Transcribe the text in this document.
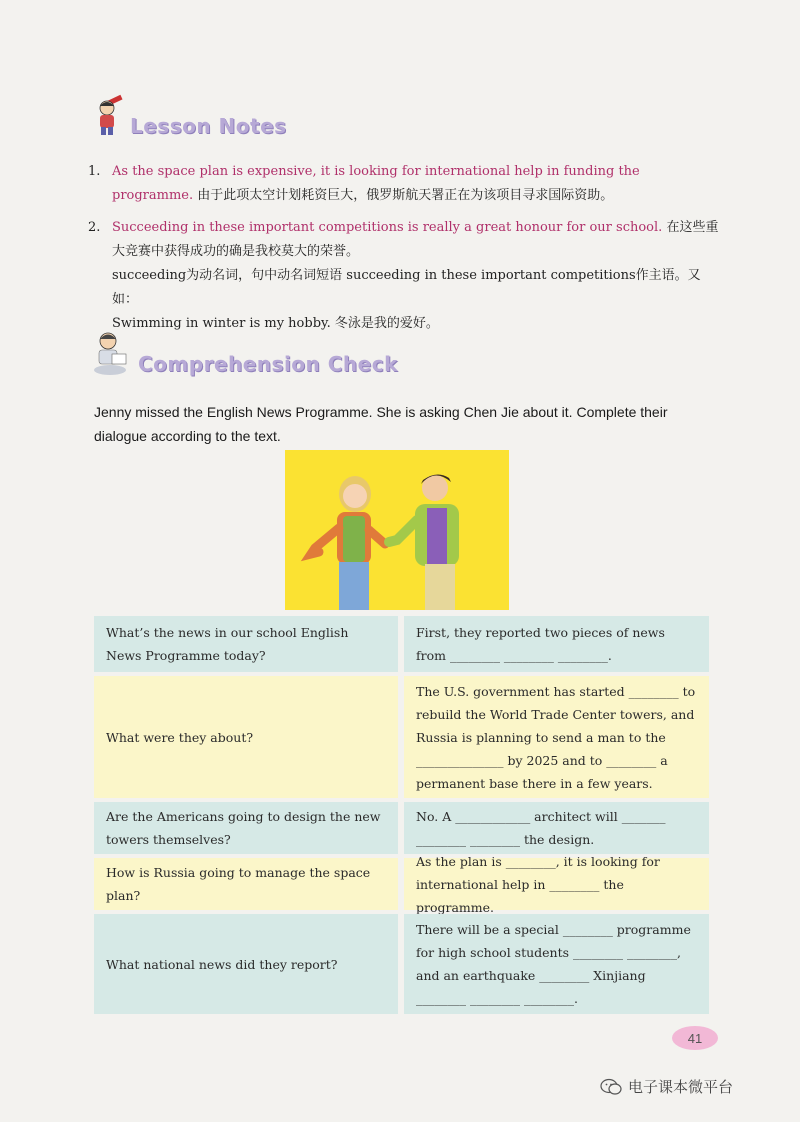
Lesson Notes
1. As the space plan is expensive, it is looking for international help in funding the programme. 由于此项太空计划耗资巨大，俄罗斯航天署正在为该项目寻求国际资助。
2. Succeeding in these important competitions is really a great honour for our school. 在这些重大竞赛中获得成功的确是我校莫大的荣誉。
succeeding为动名词，句中动名词短语 succeeding in these important competitions作主语。又如：
Swimming in winter is my hobby. 冬泳是我的爱好。
Comprehension Check
Jenny missed the English News Programme. She is asking Chen Jie about it. Complete their dialogue according to the text.
What’s the news in our school English News Programme today?
First, they reported two pieces of news from ________ ________ ________.
What were they about?
The U.S. government has started ________ to rebuild the World Trade Center towers, and Russia is planning to send a man to the ______________ by 2025 and to ________ a permanent base there in a few years.
Are the Americans going to design the new towers themselves?
No. A ____________ architect will _______ ________ ________ the design.
How is Russia going to manage the space plan?
As the plan is ________, it is looking for international help in ________ the programme.
What national news did they report?
There will be a special ________ programme for high school students ________ ________, and an earthquake ________ Xinjiang ________ ________ ________.
41
电子课本微平台
